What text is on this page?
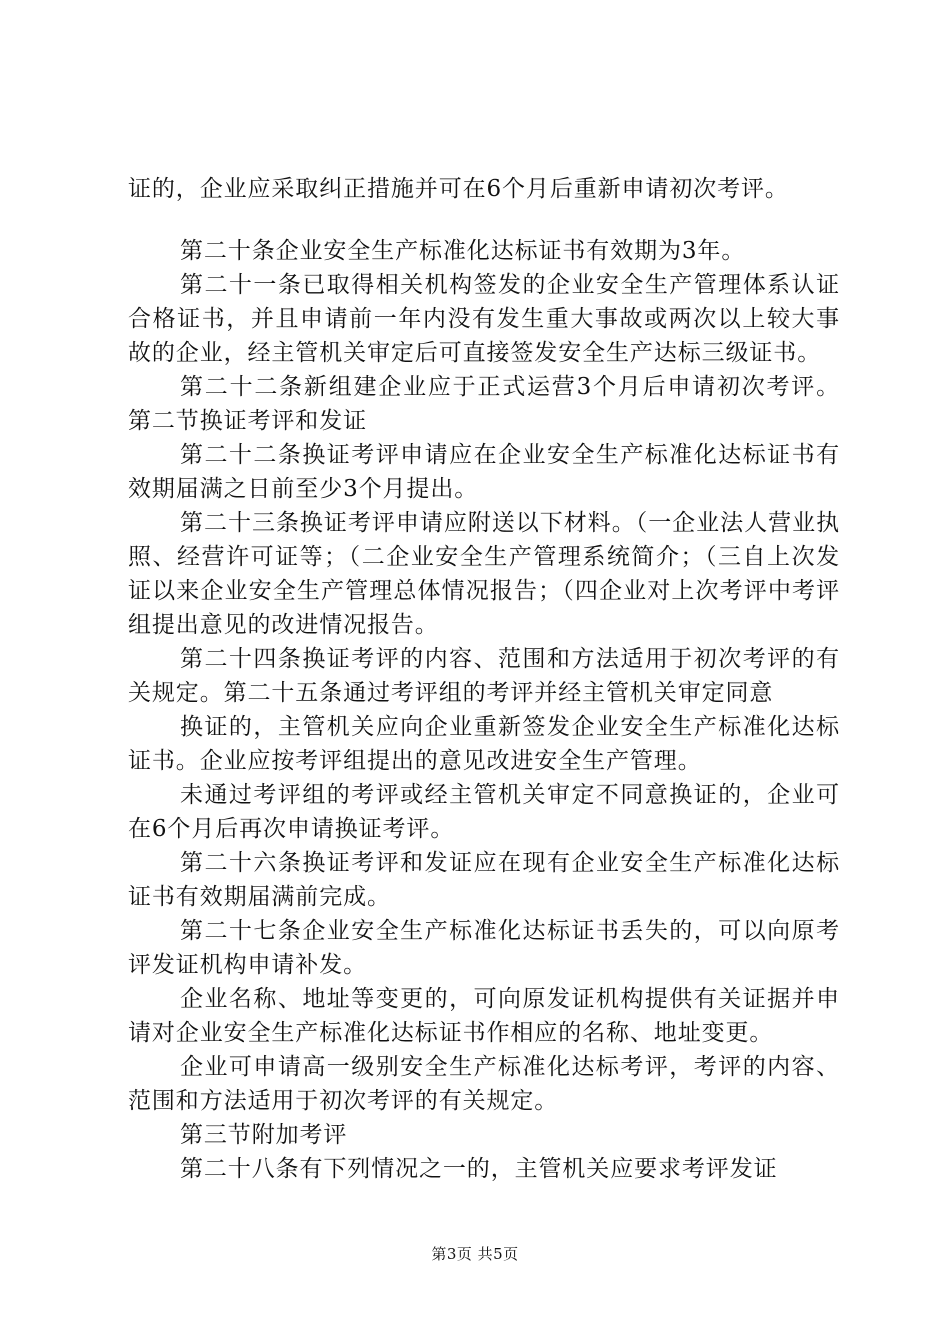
证的，企业应采取纠正措施并可在6个月后重新申请初次考评。

第二十条企业安全生产标准化达标证书有效期为3年。

第二十一条已取得相关机构签发的企业安全生产管理体系认证合格证书，并且申请前一年内没有发生重大事故或两次以上较大事故的企业，经主管机关审定后可直接签发安全生产达标三级证书。

第二十二条新组建企业应于正式运营3个月后申请初次考评。第二节换证考评和发证

第二十二条换证考评申请应在企业安全生产标准化达标证书有效期届满之日前至少3个月提出。

第二十三条换证考评申请应附送以下材料。（一企业法人营业执照、经营许可证等；（二企业安全生产管理系统简介；（三自上次发证以来企业安全生产管理总体情况报告；（四企业对上次考评中考评组提出意见的改进情况报告。

第二十四条换证考评的内容、范围和方法适用于初次考评的有关规定。第二十五条通过考评组的考评并经主管机关审定同意

换证的，主管机关应向企业重新签发企业安全生产标准化达标证书。企业应按考评组提出的意见改进安全生产管理。

未通过考评组的考评或经主管机关审定不同意换证的，企业可在6个月后再次申请换证考评。

第二十六条换证考评和发证应在现有企业安全生产标准化达标证书有效期届满前完成。

第二十七条企业安全生产标准化达标证书丢失的，可以向原考评发证机构申请补发。

企业名称、地址等变更的，可向原发证机构提供有关证据并申请对企业安全生产标准化达标证书作相应的名称、地址变更。

企业可申请高一级别安全生产标准化达标考评，考评的内容、范围和方法适用于初次考评的有关规定。

第三节附加考评

第二十八条有下列情况之一的，主管机关应要求考评发证

第3页 共5页
